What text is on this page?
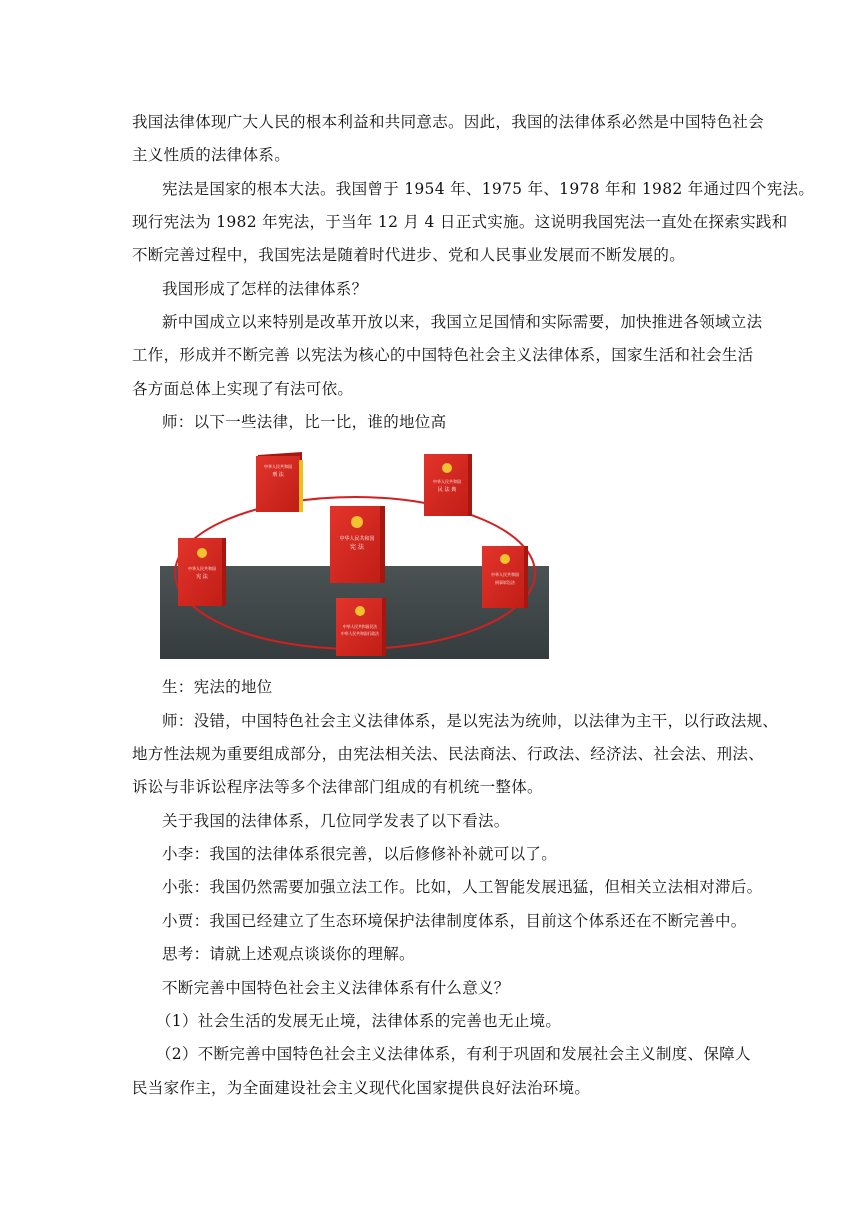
我国法律体现广大人民的根本利益和共同意志。因此，我国的法律体系必然是中国特色社会
主义性质的法律体系。
宪法是国家的根本大法。我国曾于 1954 年、1975 年、1978 年和 1982 年通过四个宪法。
现行宪法为 1982 年宪法，于当年 12 月 4 日正式实施。这说明我国宪法一直处在探索实践和
不断完善过程中，我国宪法是随着时代进步、党和人民事业发展而不断发展的。
我国形成了怎样的法律体系？
新中国成立以来特别是改革开放以来，我国立足国情和实际需要，加快推进各领域立法
工作，形成并不断完善 以宪法为核心的中国特色社会主义法律体系，国家生活和社会生活
各方面总体上实现了有法可依。
师：以下一些法律，比一比，谁的地位高
中华人民共和国
刑 法
中华人民共和国
民 法 典
中华人民共和国
宪 法
中华人民共和国
宪 法	中华人民共和国
刑事诉讼法
中华人民共和国民法
中华人民共和国行政法
生：宪法的地位
师：没错，中国特色社会主义法律体系，是以宪法为统帅，以法律为主干，以行政法规、
地方性法规为重要组成部分，由宪法相关法、民法商法、行政法、经济法、社会法、刑法、
诉讼与非诉讼程序法等多个法律部门组成的有机统一整体。
关于我国的法律体系，几位同学发表了以下看法。
小李：我国的法律体系很完善，以后修修补补就可以了。
小张：我国仍然需要加强立法工作。比如，人工智能发展迅猛，但相关立法相对滞后。
小贾：我国已经建立了生态环境保护法律制度体系，目前这个体系还在不断完善中。
思考：请就上述观点谈谈你的理解。
不断完善中国特色社会主义法律体系有什么意义？
（1）社会生活的发展无止境，法律体系的完善也无止境。
（2）不断完善中国特色社会主义法律体系，有利于巩固和发展社会主义制度、保障人
民当家作主，为全面建设社会主义现代化国家提供良好法治环境。
